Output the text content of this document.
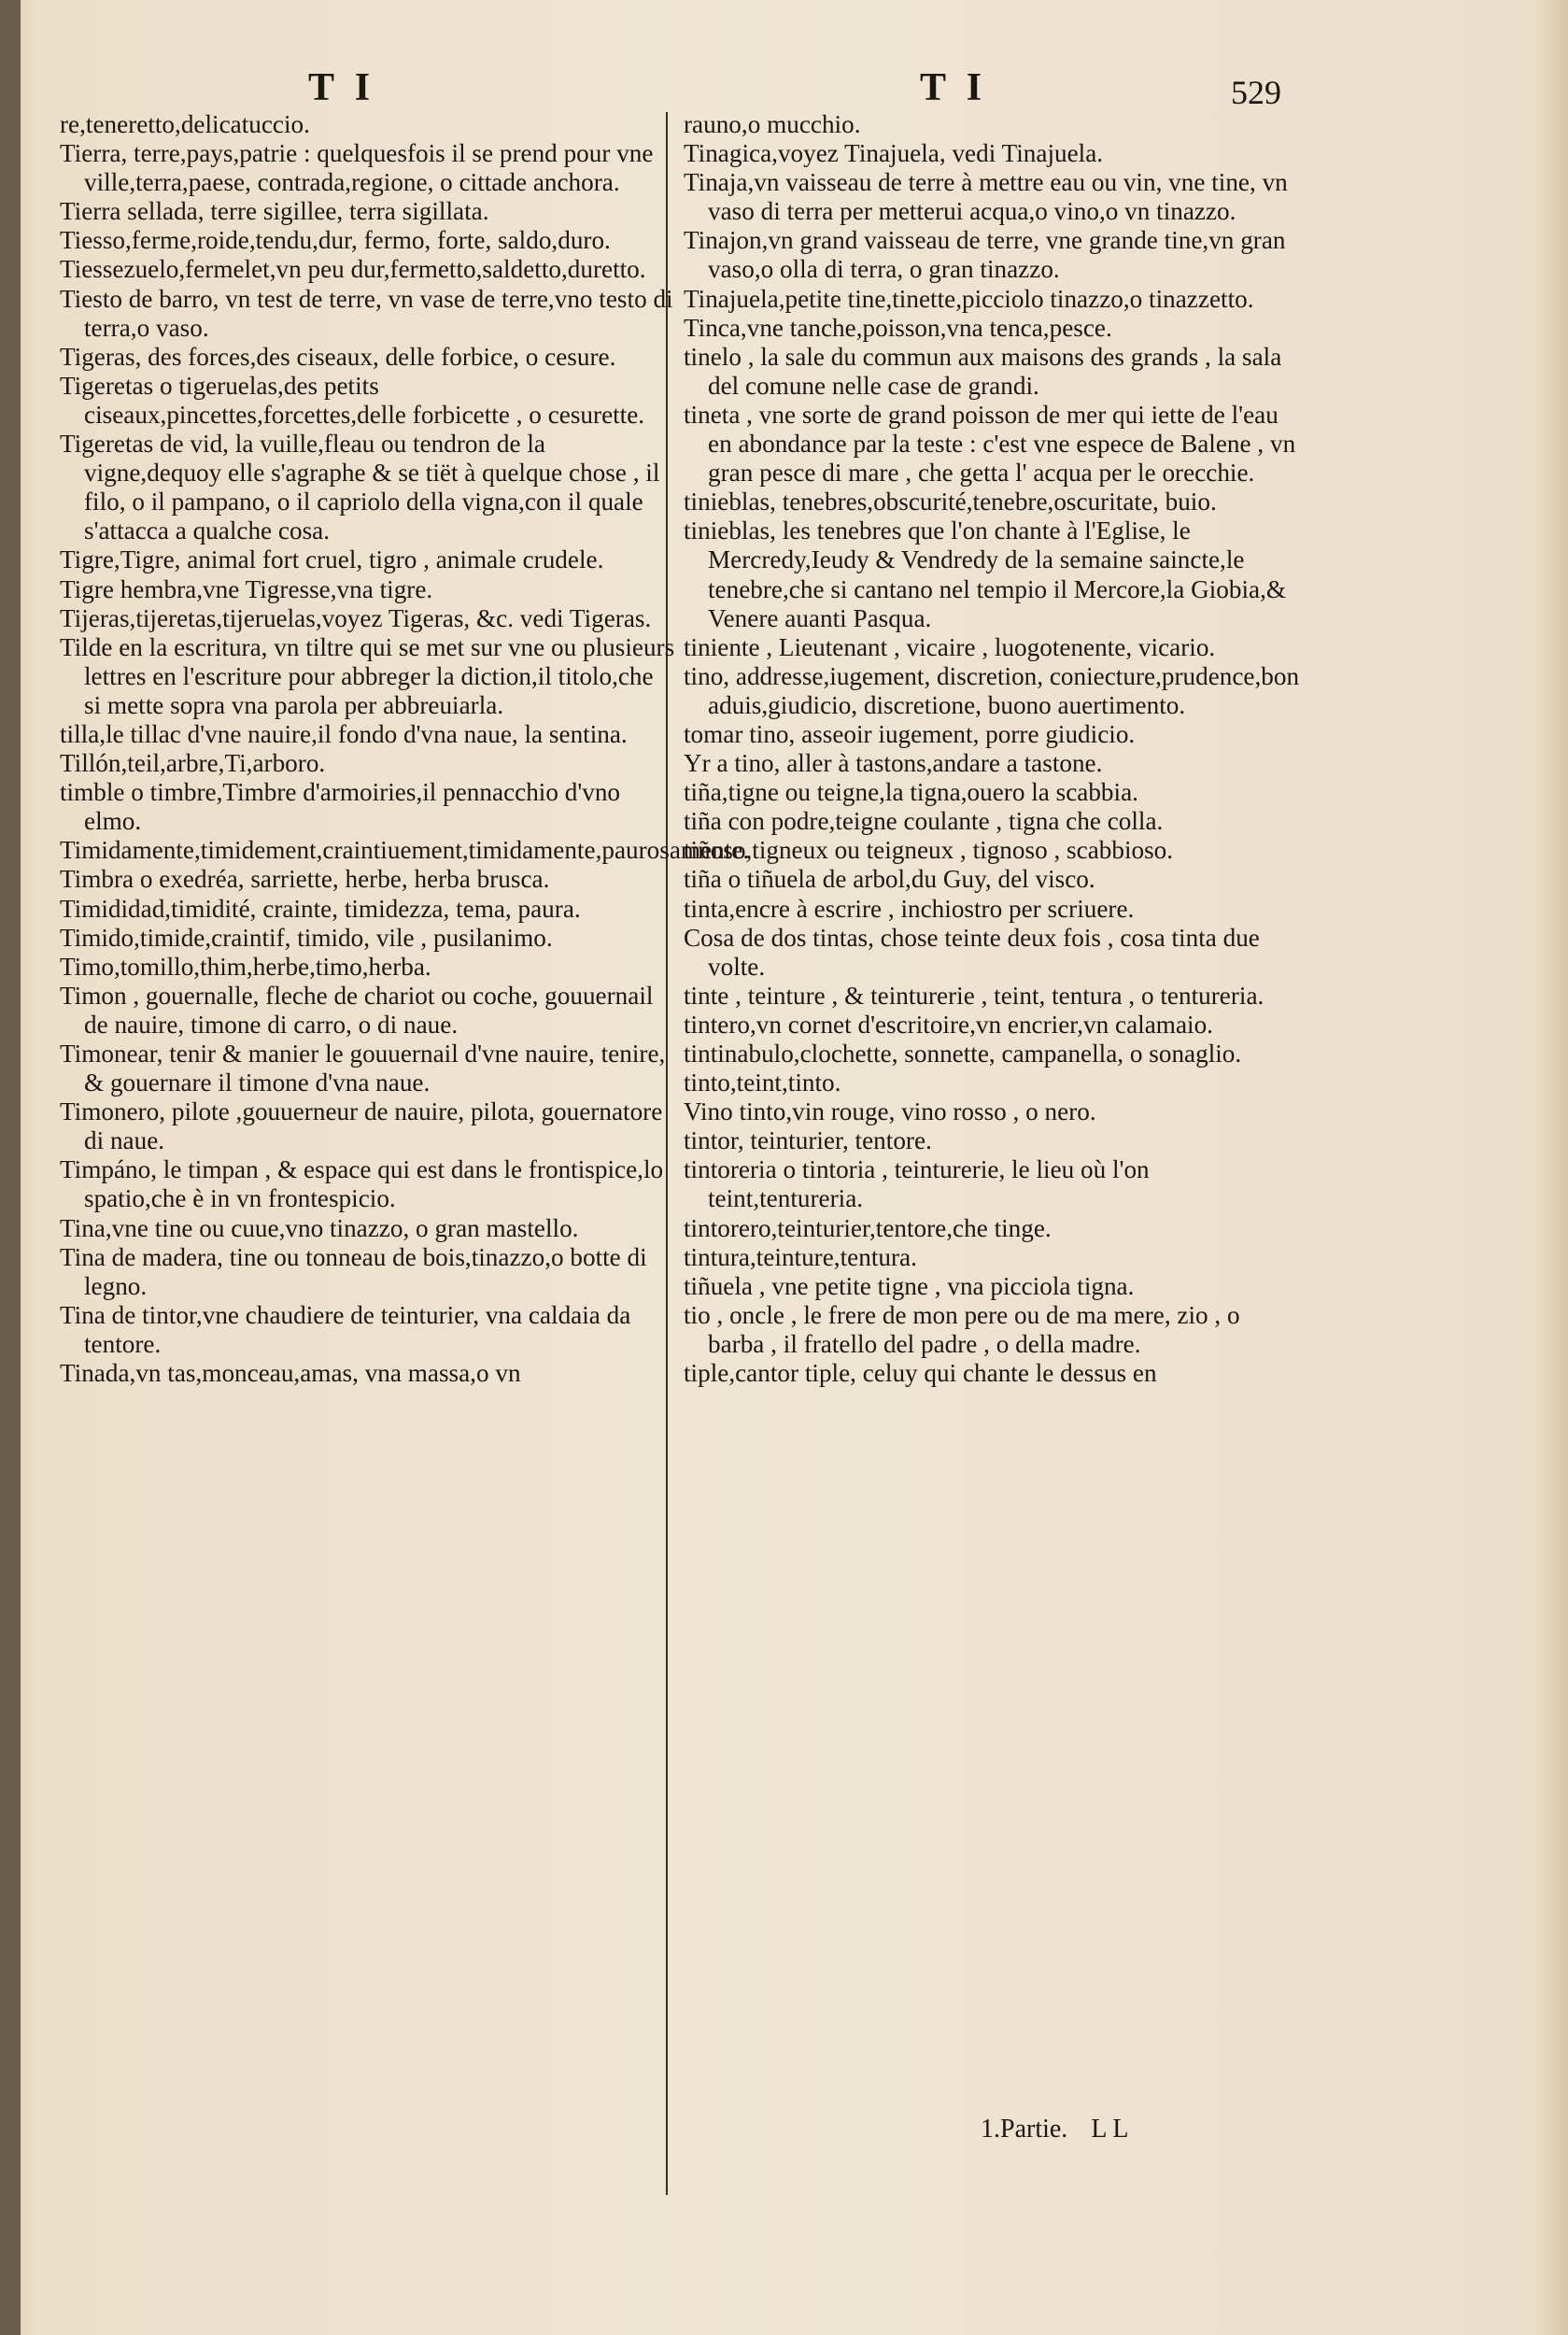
T I	T I	529

re,teneretto,delicatuccio.

Tierra, terre,pays,patrie : quelquesfois il se prend pour vne ville,terra,paese, contrada,regione, o cittade anchora.

Tierra sellada, terre sigillee, terra sigillata.

Tiesso,ferme,roide,tendu,dur, fermo, forte, saldo,duro.

Tiessezuelo,fermelet,vn peu dur,fermetto,saldetto,duretto.

Tiesto de barro, vn test de terre, vn vase de terre,vno testo di terra,o vaso.

Tigeras, des forces,des ciseaux, delle forbice, o cesure.

Tigeretas o tigeruelas,des petits ciseaux,pincettes,forcettes,delle forbicette , o cesurette.

Tigeretas de vid, la vuille,fleau ou tendron de la vigne,dequoy elle s'agraphe & se tiët à quelque chose , il filo, o il pampano, o il capriolo della vigna,con il quale s'attacca a qualche cosa.

Tigre,Tigre, animal fort cruel, tigro , animale crudele.

Tigre hembra,vne Tigresse,vna tigre.

Tijeras,tijeretas,tijeruelas,voyez Tigeras, &c. vedi Tigeras.

Tilde en la escritura, vn tiltre qui se met sur vne ou plusieurs lettres en l'escriture pour abbreger la diction,il titolo,che si mette sopra vna parola per abbreuiarla.

tilla,le tillac d'vne nauire,il fondo d'vna naue, la sentina.

Tillón,teil,arbre,Ti,arboro.

timble o timbre,Timbre d'armoiries,il pennacchio d'vno elmo.

Timidamente,timidement,craintiuement,timidamente,paurosamente.

Timbra o exedréa, sarriette, herbe, herba brusca.

Timididad,timidité, crainte, timidezza, tema, paura.

Timido,timide,craintif, timido, vile , pusilanimo.

Timo,tomillo,thim,herbe,timo,herba.

Timon , gouernalle, fleche de chariot ou coche, gouuernail de nauire, timone di carro, o di naue.

Timonear, tenir & manier le gouuernail d'vne nauire, tenire, & gouernare il timone d'vna naue.

Timonero, pilote ,gouuerneur de nauire, pilota, gouernatore di naue.

Timpáno, le timpan , & espace qui est dans le frontispice,lo spatio,che è in vn frontespicio.

Tina,vne tine ou cuue,vno tinazzo, o gran mastello.

Tina de madera, tine ou tonneau de bois,tinazzo,o botte di legno.

Tina de tintor,vne chaudiere de teinturier, vna caldaia da tentore.

Tinada,vn tas,monceau,amas, vna massa,o vn

rauno,o mucchio.

Tinagica,voyez Tinajuela, vedi Tinajuela.

Tinaja,vn vaisseau de terre à mettre eau ou vin, vne tine, vn vaso di terra per metterui acqua,o vino,o vn tinazzo.

Tinajon,vn grand vaisseau de terre, vne grande tine,vn gran vaso,o olla di terra, o gran tinazzo.

Tinajuela,petite tine,tinette,picciolo tinazzo,o tinazzetto.

Tinca,vne tanche,poisson,vna tenca,pesce.

tinelo , la sale du commun aux maisons des grands , la sala del comune nelle case de grandi.

tineta , vne sorte de grand poisson de mer qui iette de l'eau en abondance par la teste : c'est vne espece de Balene , vn gran pesce di mare , che getta l' acqua per le orecchie.

tinieblas, tenebres,obscurité,tenebre,oscuritate, buio.

tinieblas, les tenebres que l'on chante à l'Eglise, le Mercredy,Ieudy & Vendredy de la semaine saincte,le tenebre,che si cantano nel tempio il Mercore,la Giobia,& Venere auanti Pasqua.

tiniente , Lieutenant , vicaire , luogotenente, vicario.

tino, addresse,iugement, discretion, coniecture,prudence,bon aduis,giudicio, discretione, buono auertimento.

tomar tino, asseoir iugement, porre giudicio.

Yr a tino, aller à tastons,andare a tastone.

tiña,tigne ou teigne,la tigna,ouero la scabbia.

tiña con podre,teigne coulante , tigna che colla.

tiñoso,tigneux ou teigneux , tignoso , scabbioso.

tiña o tiñuela de arbol,du Guy, del visco.

tinta,encre à escrire , inchiostro per scriuere.

Cosa de dos tintas, chose teinte deux fois , cosa tinta due volte.

tinte , teinture , & teinturerie , teint, tentura , o tentureria.

tintero,vn cornet d'escritoire,vn encrier,vn calamaio.

tintinabulo,clochette, sonnette, campanella, o sonaglio.

tinto,teint,tinto.

Vino tinto,vin rouge, vino rosso , o nero.

tintor, teinturier, tentore.

tintoreria o tintoria , teinturerie, le lieu où l'on teint,tentureria.

tintorero,teinturier,tentore,che tinge.

tintura,teinture,tentura.

tiñuela , vne petite tigne , vna picciola tigna.

tio , oncle , le frere de mon pere ou de ma mere, zio , o barba , il fratello del padre , o della madre.

tiple,cantor tiple, celuy qui chante le dessus en

1.Partie. L L
